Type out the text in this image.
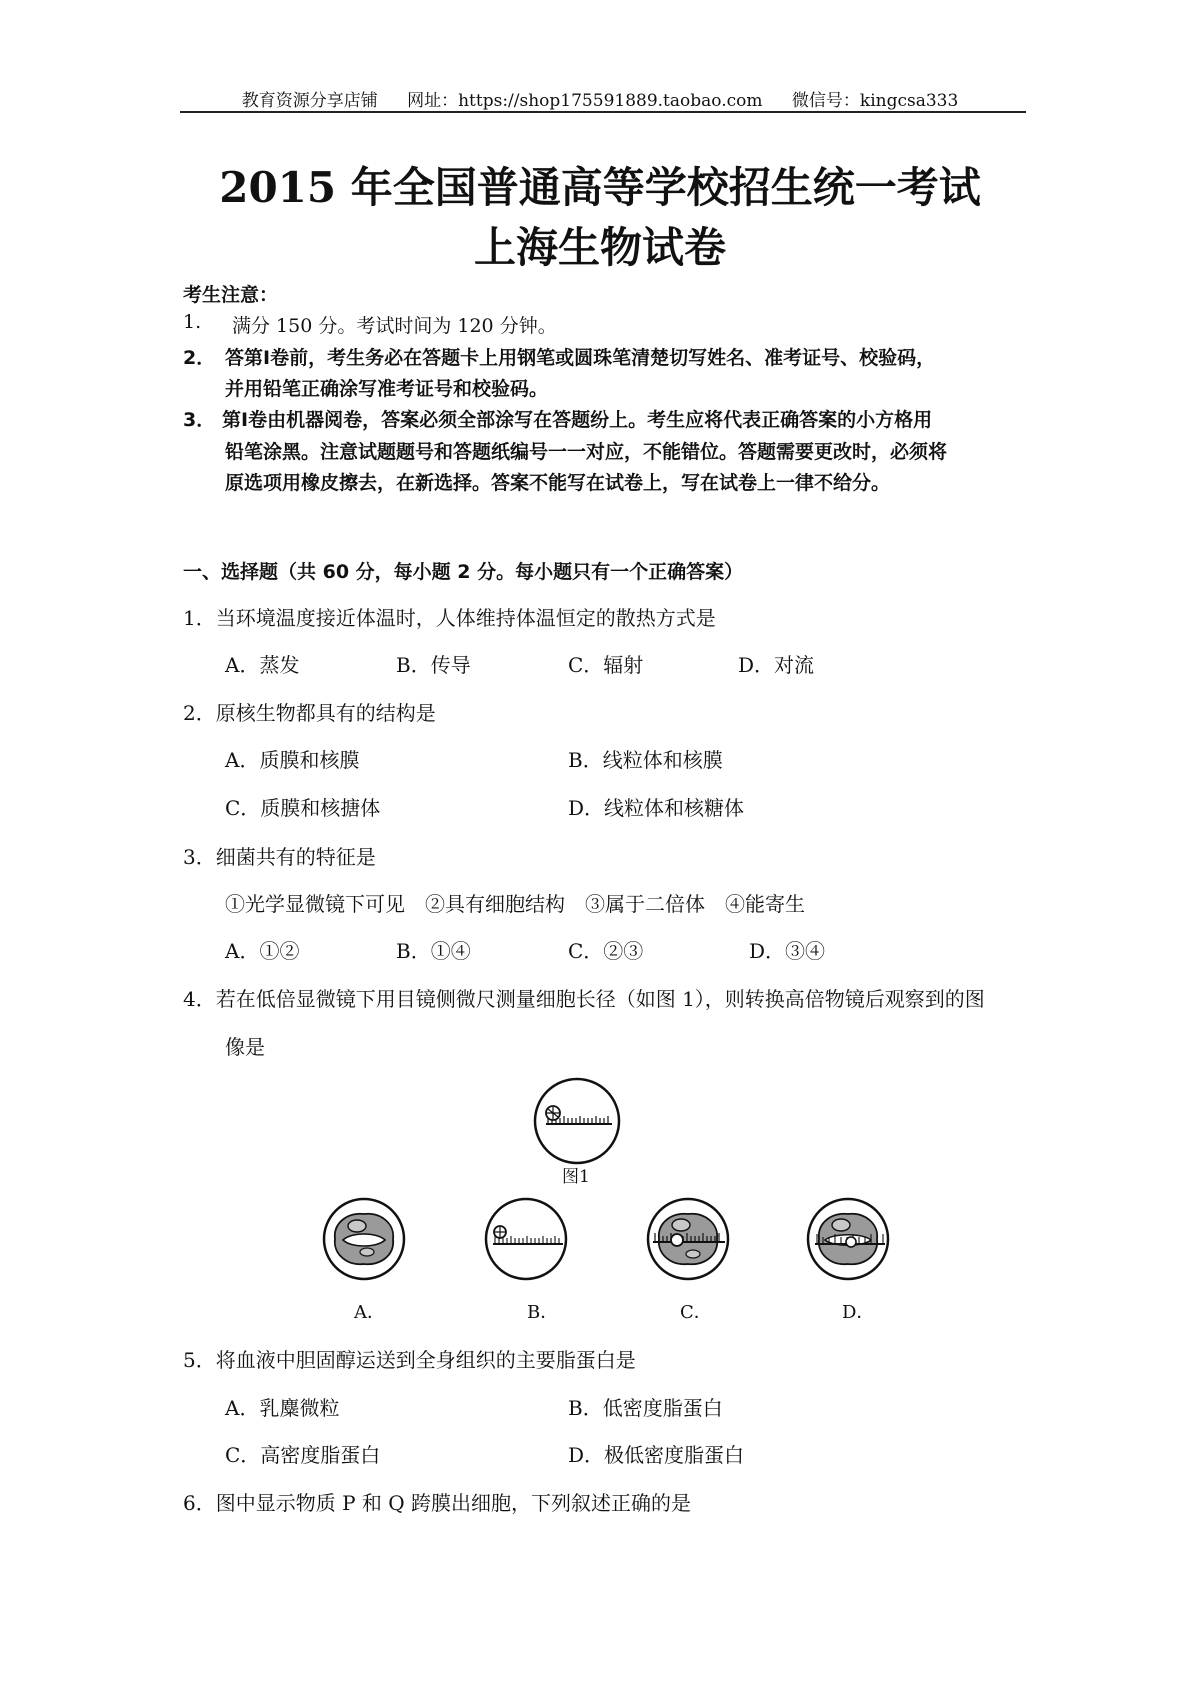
教育资源分享店铺 网址：https://shop175591889.taobao.com 微信号：kingcsa333
2015 年全国普通高等学校招生统一考试
上海生物试卷
考生注意：
1. 满分 150 分。考试时间为 120 分钟。
2． 答第Ⅰ卷前，考生务必在答题卡上用钢笔或圆珠笔清楚切写姓名、准考证号、校验码，
并用铅笔正确涂写准考证号和校验码。
3． 第Ⅰ卷由机器阅卷，答案必须全部涂写在答题纷上。考生应将代表正确答案的小方格用
铅笔涂黑。注意试题题号和答题纸编号一一对应，不能错位。答题需要更改时，必须将
原选项用橡皮擦去，在新选择。答案不能写在试卷上，写在试卷上一律不给分。
一、选择题（共 60 分，每小题 2 分。每小题只有一个正确答案）
1．当环境温度接近体温时，人体维持体温恒定的散热方式是
A．蒸发	B．传导	C．辐射	D．对流
2．原核生物都具有的结构是
A．质膜和核膜	B．线粒体和核膜
C．质膜和核搪体	D．线粒体和核糖体
3．细菌共有的特征是
①光学显微镜下可见　②具有细胞结构　③属于二倍体　④能寄生
A．①②	B．①④	C．②③	D．③④
4．若在低倍显微镜下用目镜侧微尺测量细胞长径（如图 1），则转换高倍物镜后观察到的图
像是
图1
A．	B．	C．	D．
5．将血液中胆固醇运送到全身组织的主要脂蛋白是
A．乳麋微粒	B．低密度脂蛋白
C．高密度脂蛋白	D．极低密度脂蛋白
6．图中显示物质 P 和 Q 跨膜出细胞，下列叙述正确的是
